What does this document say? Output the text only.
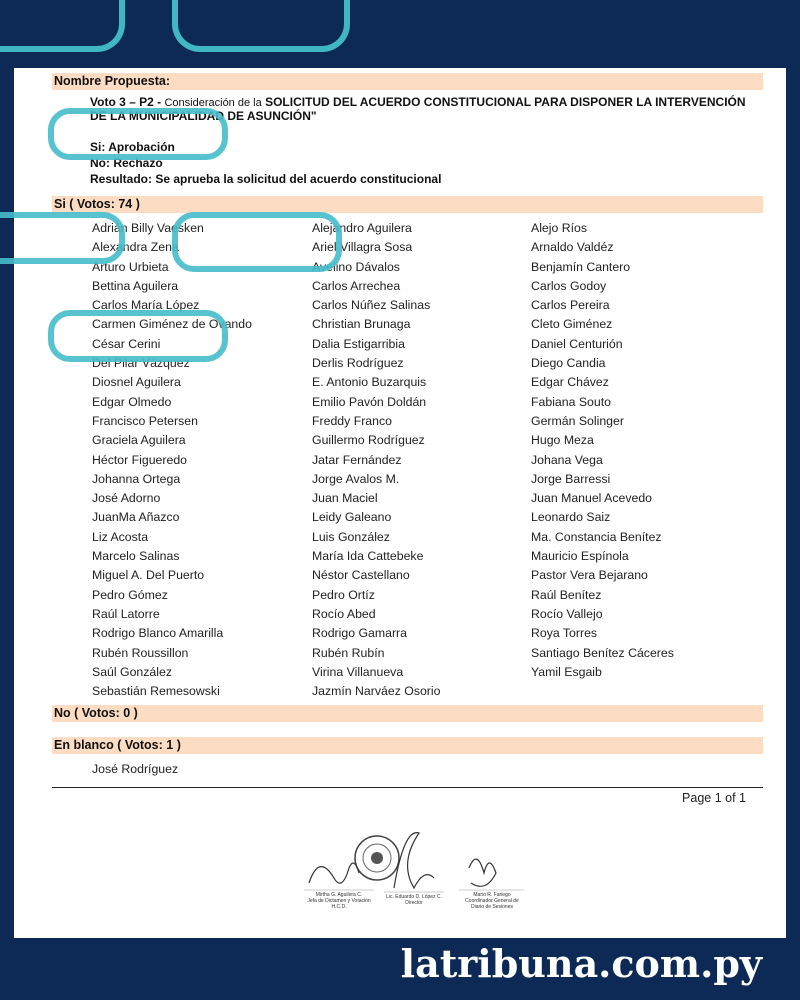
Nombre Propuesta:
Voto 3 – P2 - Consideración de la SOLICITUD DEL ACUERDO CONSTITUCIONAL PARA DISPONER LA INTERVENCIÓN
DE LA MUNICIPALIDAD DE ASUNCIÓN"
Si: Aprobación
No: Rechazo
Resultado: Se aprueba la solicitud del acuerdo constitucional
Si ( Votos: 74 )
Adrián Billy Vaesken
Alexandra Zena
Arturo Urbieta
Bettina Aguilera
Carlos María López
Carmen Giménez de Ovando
César Cerini
Del Pilar Vázquez
Diosnel Aguilera
Edgar Olmedo
Francisco Petersen
Graciela Aguilera
Héctor Figueredo
Johanna Ortega
José Adorno
JuanMa Añazco
Liz Acosta
Marcelo Salinas
Miguel A. Del Puerto
Pedro Gómez
Raúl Latorre
Rodrigo Blanco Amarilla
Rubén Roussillon
Saúl González
Sebastián Remesowski
Alejandro Aguilera
Ariel Villagra Sosa
Avelino Dávalos
Carlos Arrechea
Carlos Núñez Salinas
Christian Brunaga
Dalia Estigarribia
Derlis Rodríguez
E. Antonio Buzarquis
Emilio Pavón Doldán
Freddy Franco
Guillermo Rodríguez
Jatar Fernández
Jorge Avalos M.
Juan Maciel
Leidy Galeano
Luis González
María Ida Cattebeke
Néstor Castellano
Pedro Ortíz
Rocío Abed
Rodrigo Gamarra
Rubén Rubín
Virina Villanueva
Jazmín Narváez Osorio
Alejo Ríos
Arnaldo Valdéz
Benjamín Cantero
Carlos Godoy
Carlos Pereira
Cleto Giménez
Daniel Centurión
Diego Candia
Edgar Chávez
Fabiana Souto
Germán Solinger
Hugo Meza
Johana Vega
Jorge Barressi
Juan Manuel Acevedo
Leonardo Saiz
Ma. Constancia Benítez
Mauricio Espínola
Pastor Vera Bejarano
Raúl Benítez
Rocío Vallejo
Roya Torres
Santiago Benítez Cáceres
Yamil Esgaib
No ( Votos: 0 )
En blanco ( Votos: 1 )
José Rodríguez
Page 1 of 1
Mirtha G. Aguilera C.
Jefa de Dictamen y Votación
H.C.D.
Lic. Eduardo D. López C.
Director
Mario R. Fariego
Coordinador General de
Diario de Sesiones
latribuna.com.py
